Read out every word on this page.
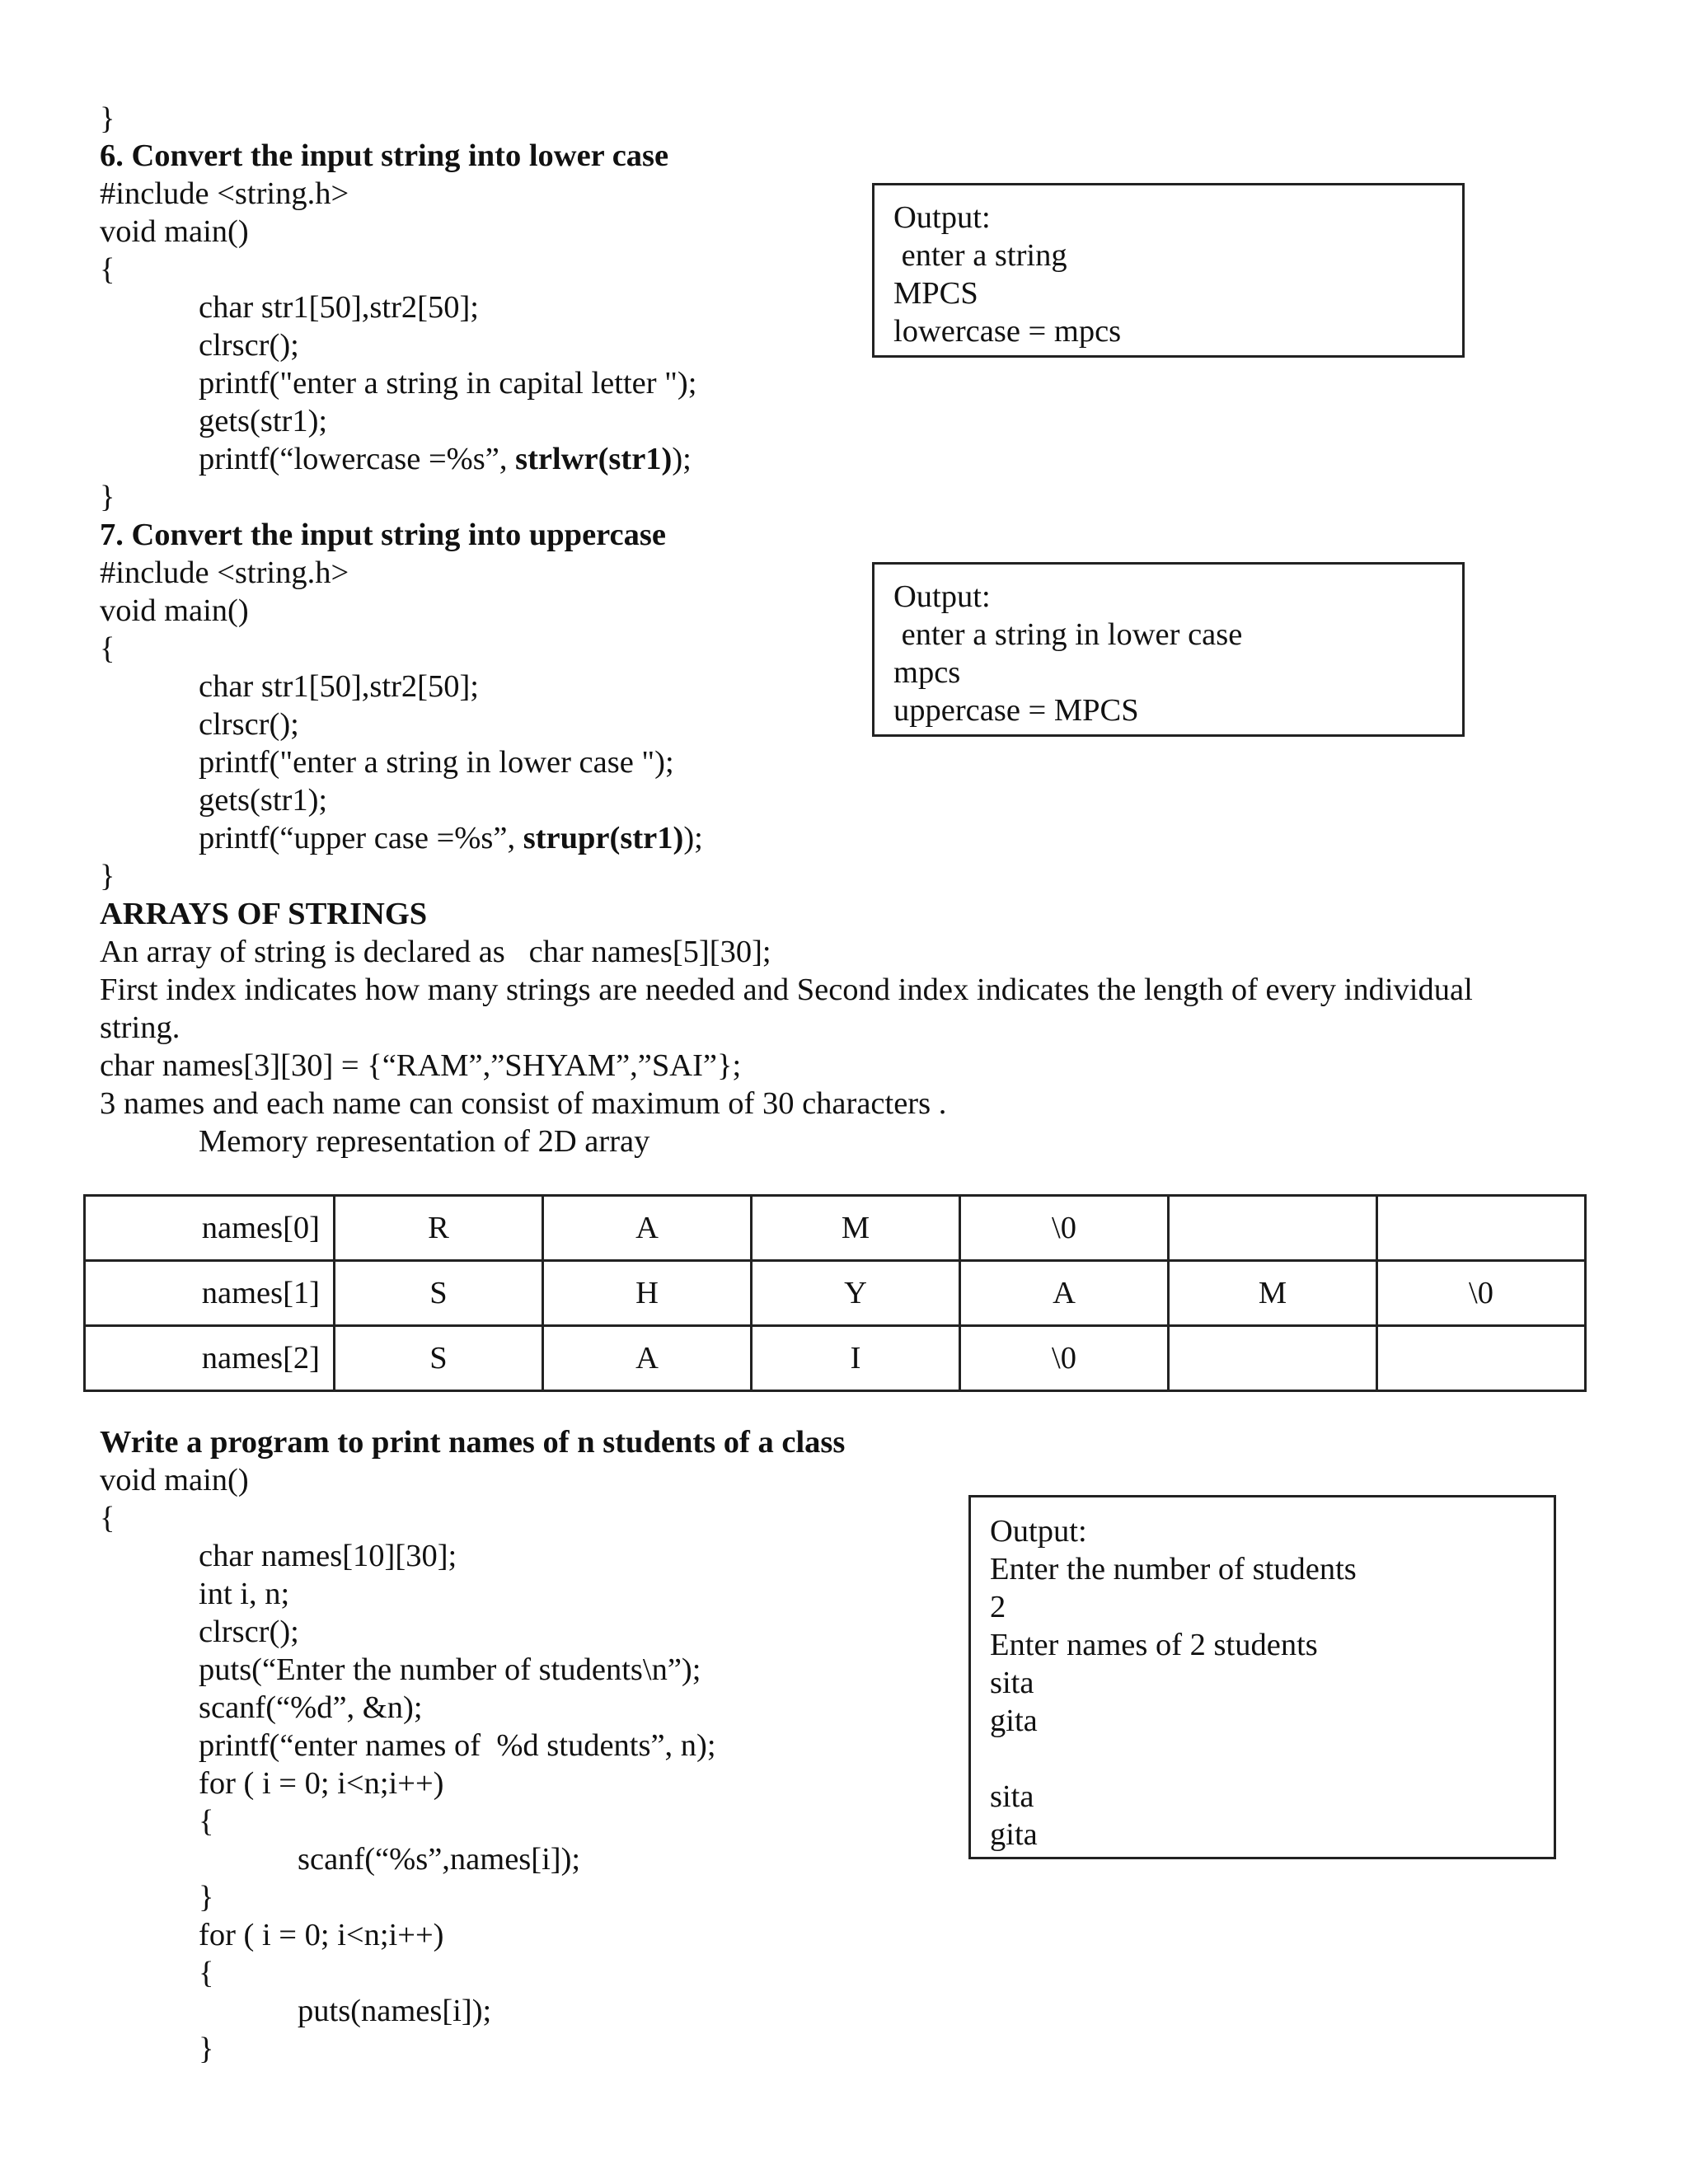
}
6. Convert the input string into lower case
#include <string.h>
void main()
{
char str1[50],str2[50];
clrscr();
printf("enter a string in capital letter ");
gets(str1);
printf(“lowercase =%s”, strlwr(str1));
}
Output:
enter a string
MPCS
lowercase = mpcs
7. Convert the input string into uppercase
#include <string.h>
void main()
{
char str1[50],str2[50];
clrscr();
printf("enter a string in lower case ");
gets(str1);
printf(“upper case =%s”, strupr(str1));
}
Output:
enter a string in lower case
mpcs
uppercase = MPCS
ARRAYS OF STRINGS
An array of string is declared as   char names[5][30];
First index indicates how many strings are needed and Second index indicates the length of every individual
string.
char names[3][30] = {“RAM”,”SHYAM”,”SAI”};
3 names and each name can consist of maximum of 30 characters .
Memory representation of 2D array
names[0]	R	A	M	\0		
names[1]	S	H	Y	A	M	\0
names[2]	S	A	I	\0		
Write a program to print names of n students of a class
void main()
{
char names[10][30];
int i, n;
clrscr();
puts(“Enter the number of students\n”);
scanf(“%d”, &n);
printf(“enter names of  %d students”, n);
for ( i = 0; i<n;i++)
{
scanf(“%s”,names[i]);
}
for ( i = 0; i<n;i++)
{
puts(names[i]);
}
Output:
Enter the number of students
2
Enter names of 2 students
sita
gita
sita
gita
